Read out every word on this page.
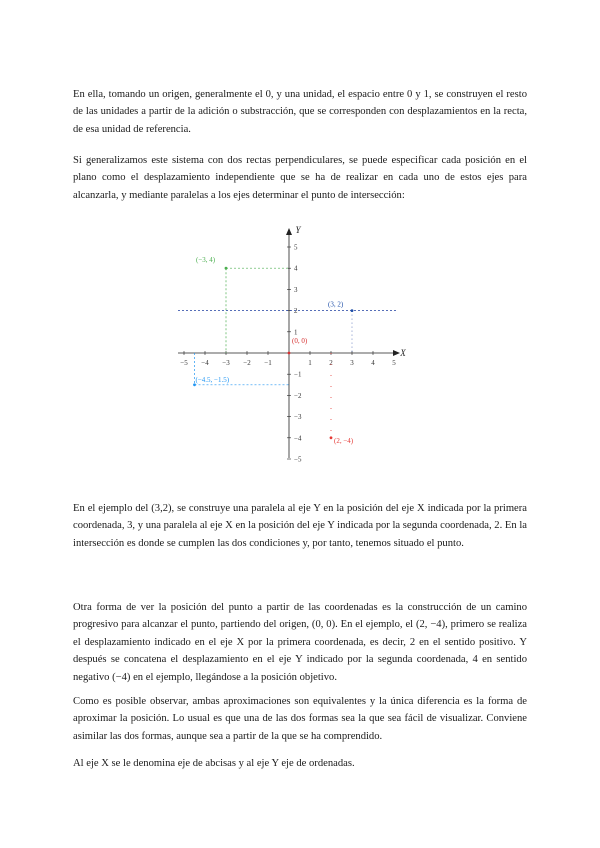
En ella, tomando un origen, generalmente el 0, y una unidad, el espacio entre 0 y 1, se construyen el resto de las unidades a partir de la adición o substracción, que se corresponden con desplazamientos en la recta, de esa unidad de referencia.

Si generalizamos este sistema con dos rectas perpendiculares, se puede especificar cada posición en el plano como el desplazamiento independiente que se ha de realizar en cada uno de estos ejes para alcanzarla, y mediante paralelas a los ejes determinar el punto de intersección:

X
Y
−5 −4 −3 −2 −1	1	2	3	4	5
5
4
3
2
1
−1
−2
−3
−4
−5
(−3, 4)
(3, 2)
(0, 0)
(−4.5, −1.5)
(2, −4)

En el ejemplo del (3,2), se construye una paralela al eje Y en la posición del eje X indicada por la primera coordenada, 3, y una paralela al eje X en la posición del eje Y indicada por la segunda coordenada, 2. En la intersección es donde se cumplen las dos condiciones y, por tanto, tenemos situado el punto.

Otra forma de ver la posición del punto a partir de las coordenadas es la construcción de un camino progresivo para alcanzar el punto, partiendo del origen, (0, 0). En el ejemplo, el (2, −4), primero se realiza el desplazamiento indicado en el eje X por la primera coordenada, es decir, 2 en el sentido positivo. Y después se concatena el desplazamiento en el eje Y indicado por la segunda coordenada, 4 en sentido negativo (−4) en el ejemplo, llegándose a la posición objetivo.

Como es posible observar, ambas aproximaciones son equivalentes y la única diferencia es la forma de aproximar la posición. Lo usual es que una de las dos formas sea la que sea fácil de visualizar. Conviene asimilar las dos formas, aunque sea a partir de la que se ha comprendido.

Al eje X se le denomina eje de abcisas y al eje Y eje de ordenadas.
